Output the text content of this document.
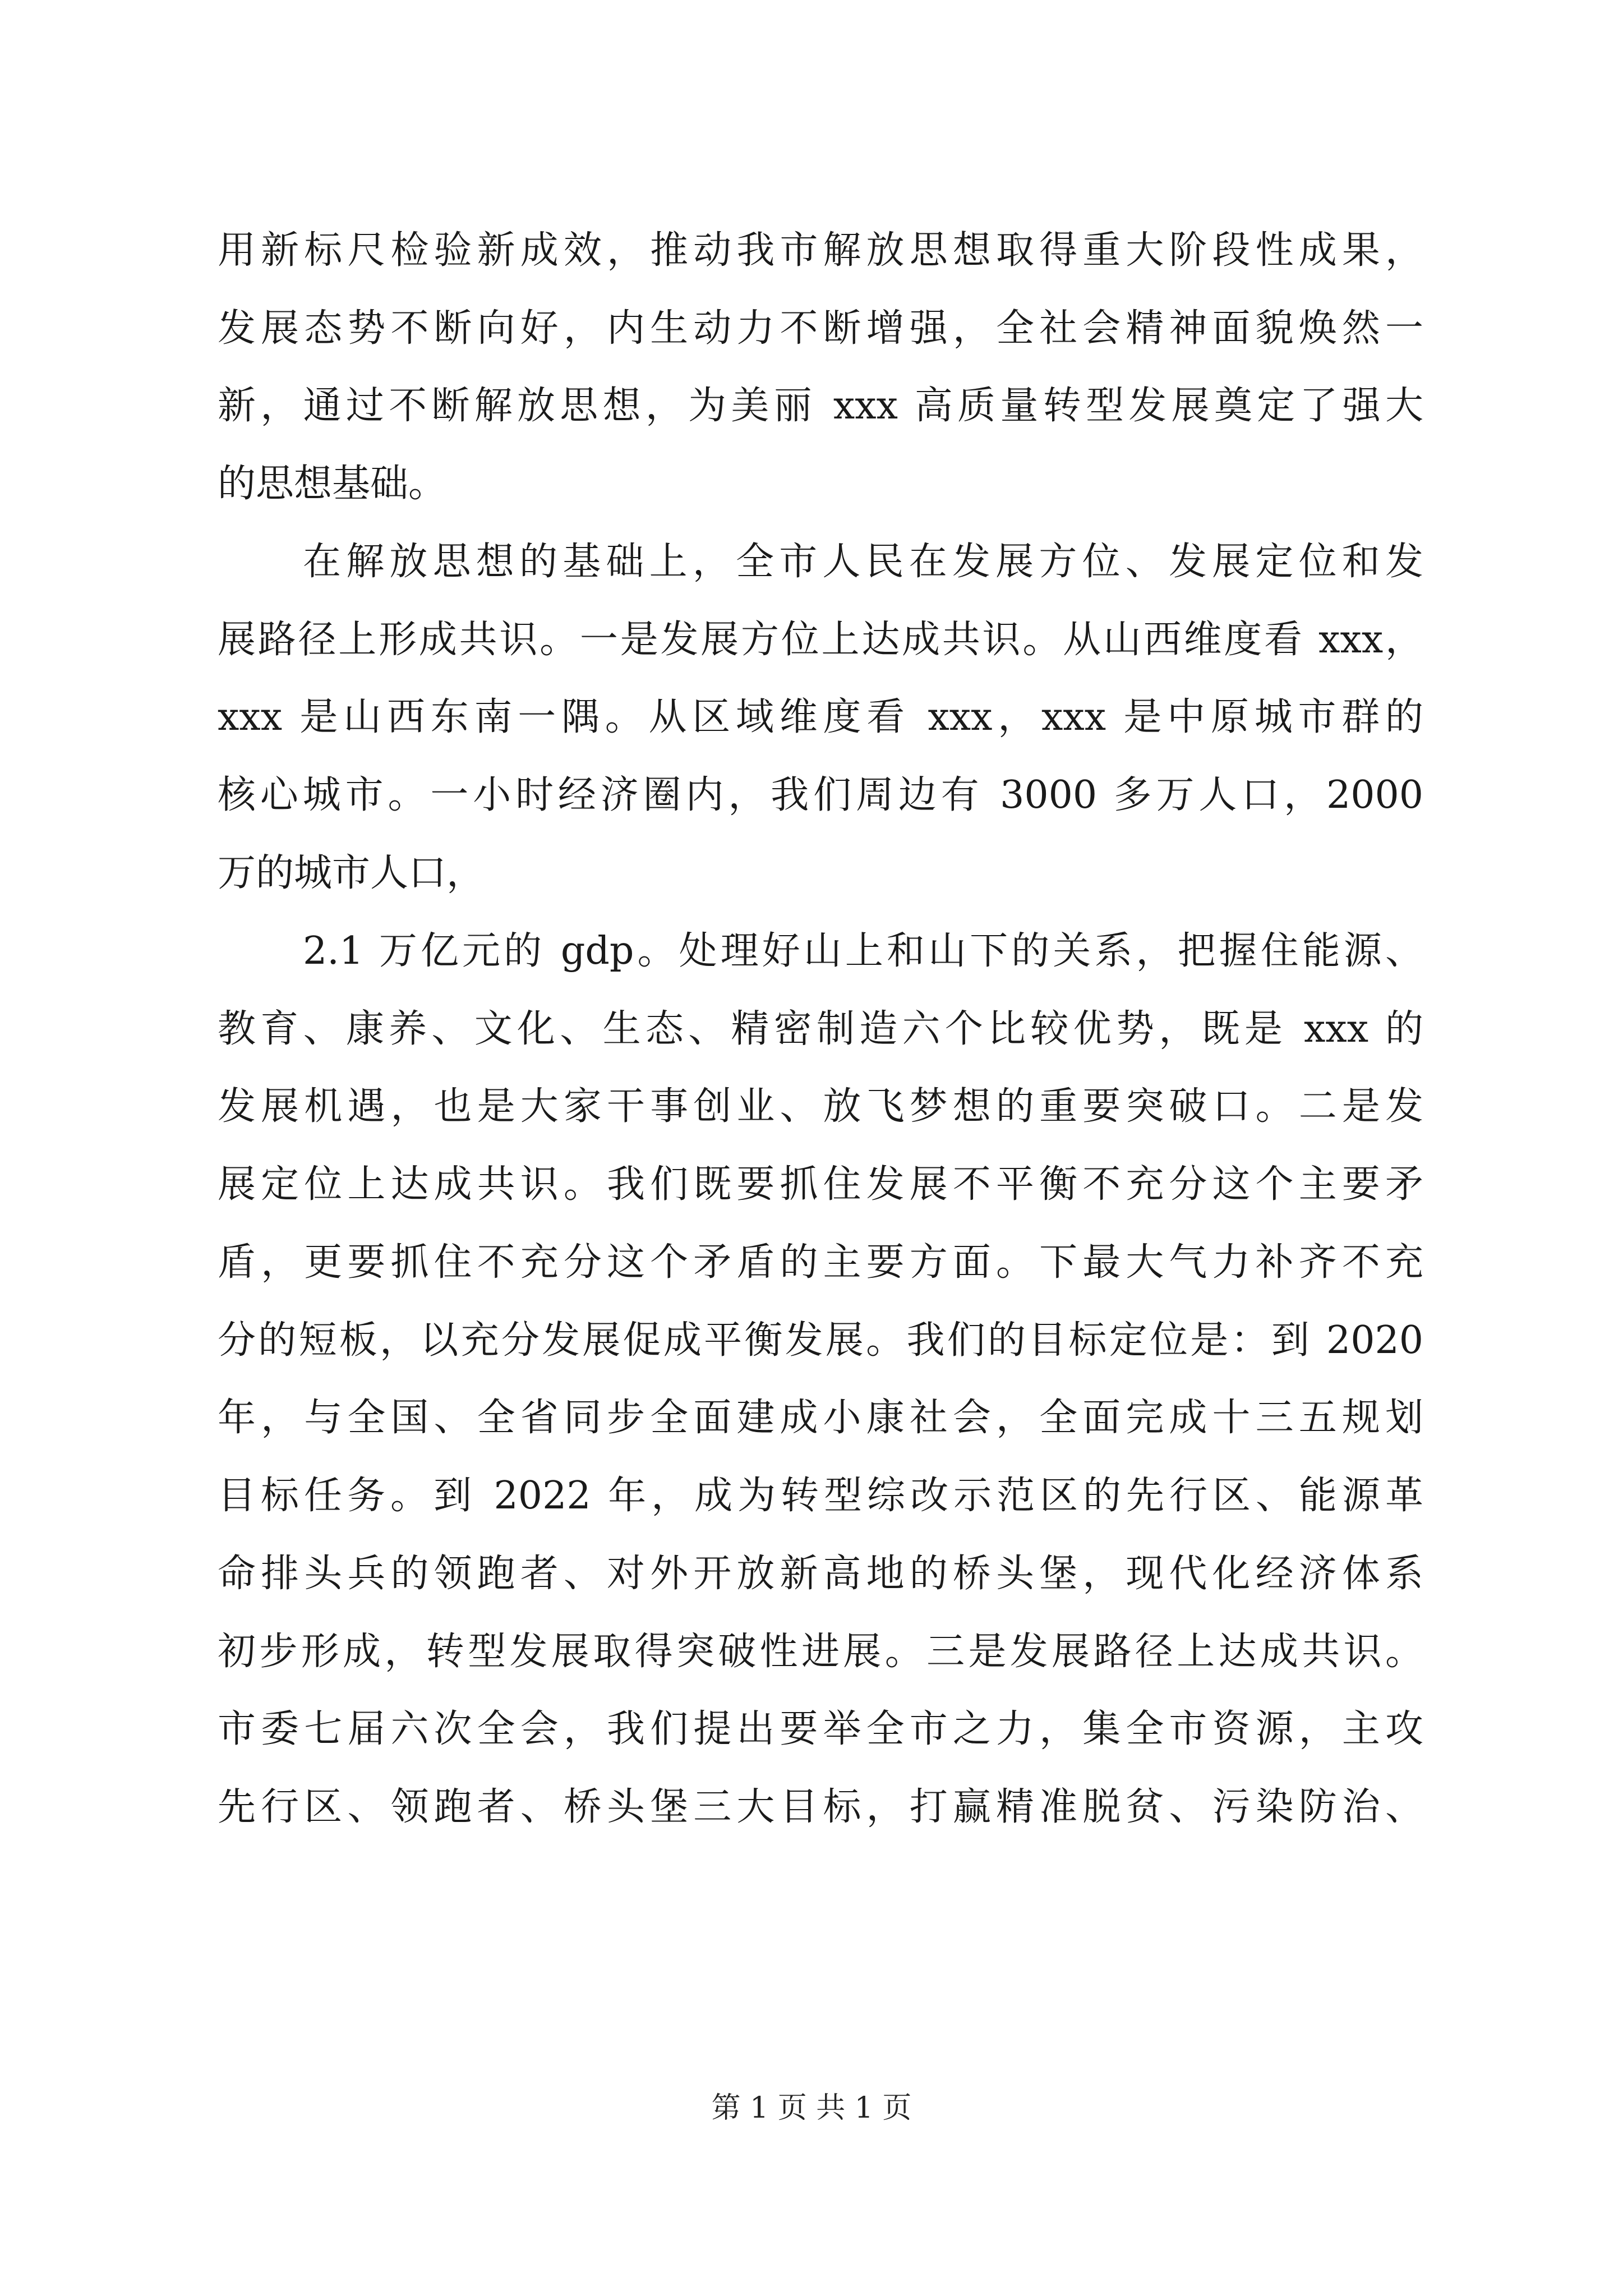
用新标尺检验新成效，推动我市解放思想取得重大阶段性成果，
发展态势不断向好，内生动力不断增强，全社会精神面貌焕然一
新，通过不断解放思想，为美丽 xxx 高质量转型发展奠定了强大
的思想基础。
在解放思想的基础上，全市人民在发展方位、发展定位和发
展路径上形成共识。一是发展方位上达成共识。从山西维度看 xxx，
xxx 是山西东南一隅。从区域维度看 xxx，xxx 是中原城市群的
核心城市。一小时经济圈内，我们周边有 3000 多万人口，2000
万的城市人口，
2.1 万亿元的 gdp。处理好山上和山下的关系，把握住能源、
教育、康养、文化、生态、精密制造六个比较优势，既是 xxx 的
发展机遇，也是大家干事创业、放飞梦想的重要突破口。二是发
展定位上达成共识。我们既要抓住发展不平衡不充分这个主要矛
盾，更要抓住不充分这个矛盾的主要方面。下最大气力补齐不充
分的短板，以充分发展促成平衡发展。我们的目标定位是：到 2020
年，与全国、全省同步全面建成小康社会，全面完成十三五规划
目标任务。到 2022 年，成为转型综改示范区的先行区、能源革
命排头兵的领跑者、对外开放新高地的桥头堡，现代化经济体系
初步形成，转型发展取得突破性进展。三是发展路径上达成共识。
市委七届六次全会，我们提出要举全市之力，集全市资源，主攻
先行区、领跑者、桥头堡三大目标，打赢精准脱贫、污染防治、
第 1 页 共 1 页
